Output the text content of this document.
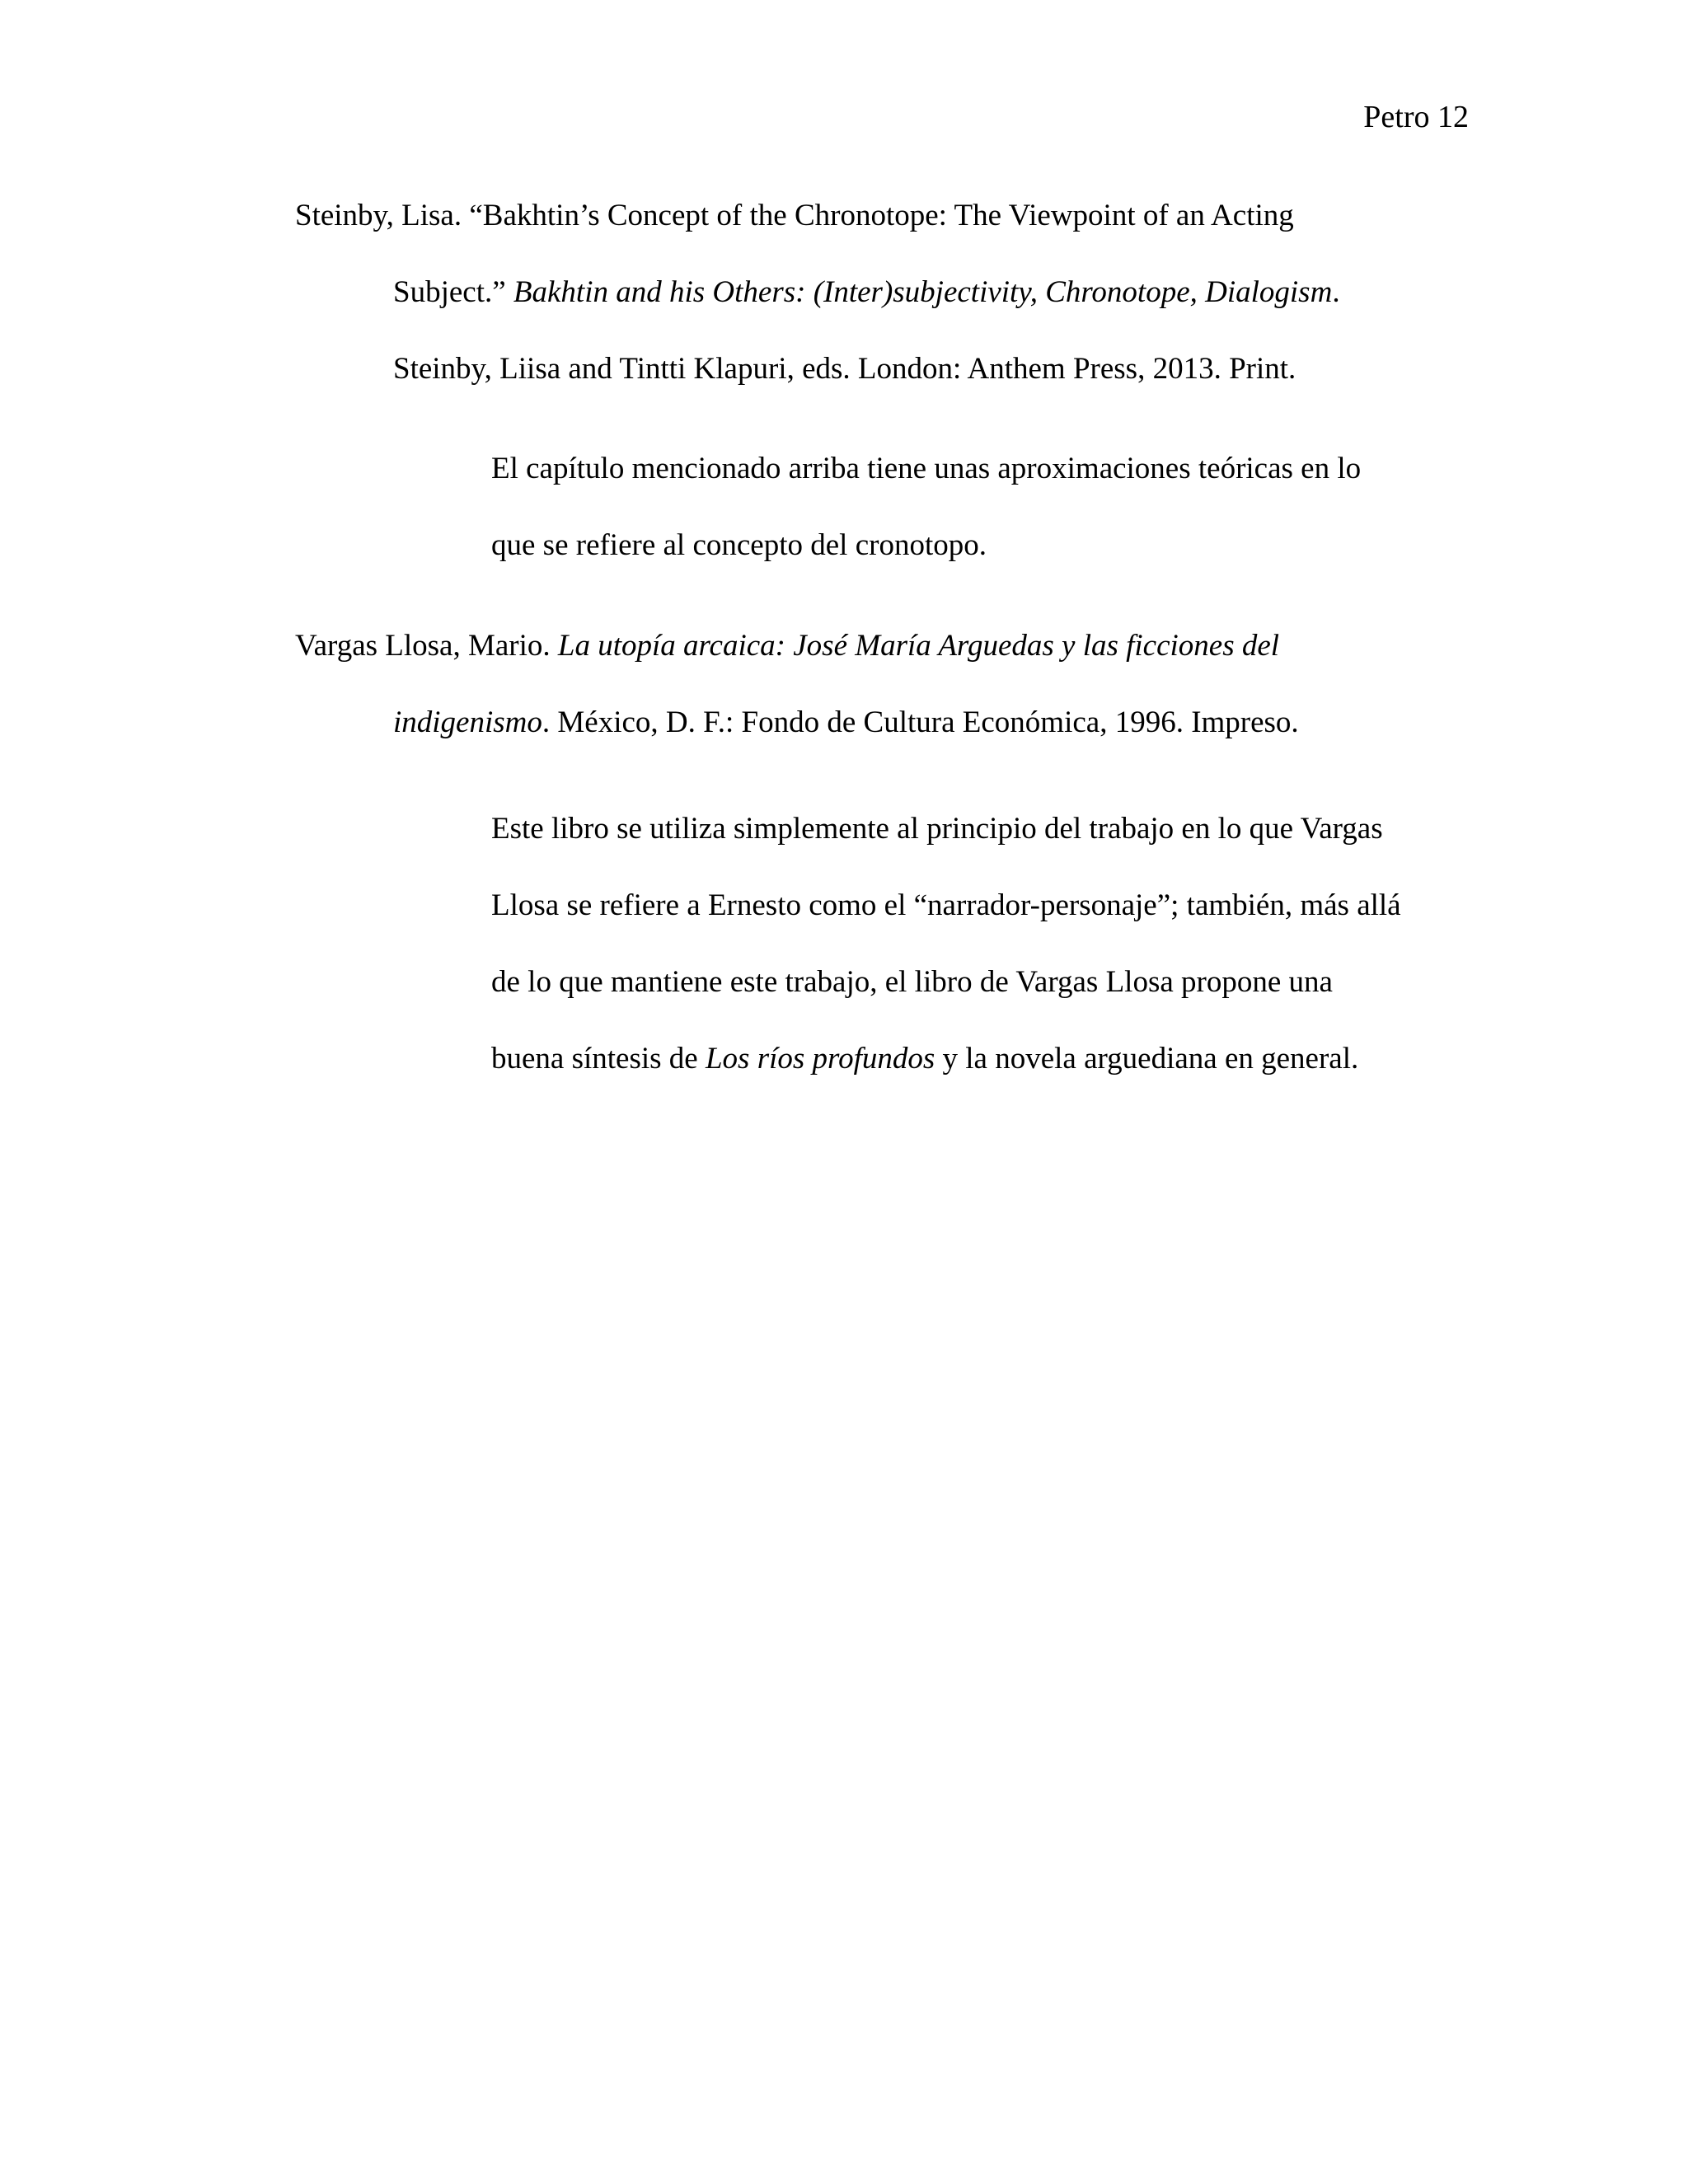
Petro 12
Steinby, Lisa. “Bakhtin’s Concept of the Chronotope: The Viewpoint of an Acting
Subject.” Bakhtin and his Others: (Inter)subjectivity, Chronotope, Dialogism.
Steinby, Liisa and Tintti Klapuri, eds. London: Anthem Press, 2013. Print.
El capítulo mencionado arriba tiene unas aproximaciones teóricas en lo
que se refiere al concepto del cronotopo.
Vargas Llosa, Mario. La utopía arcaica: José María Arguedas y las ficciones del
indigenismo. México, D. F.: Fondo de Cultura Económica, 1996. Impreso.
Este libro se utiliza simplemente al principio del trabajo en lo que Vargas
Llosa se refiere a Ernesto como el “narrador-personaje”; también, más allá
de lo que mantiene este trabajo, el libro de Vargas Llosa propone una
buena síntesis de Los ríos profundos y la novela arguediana en general.
